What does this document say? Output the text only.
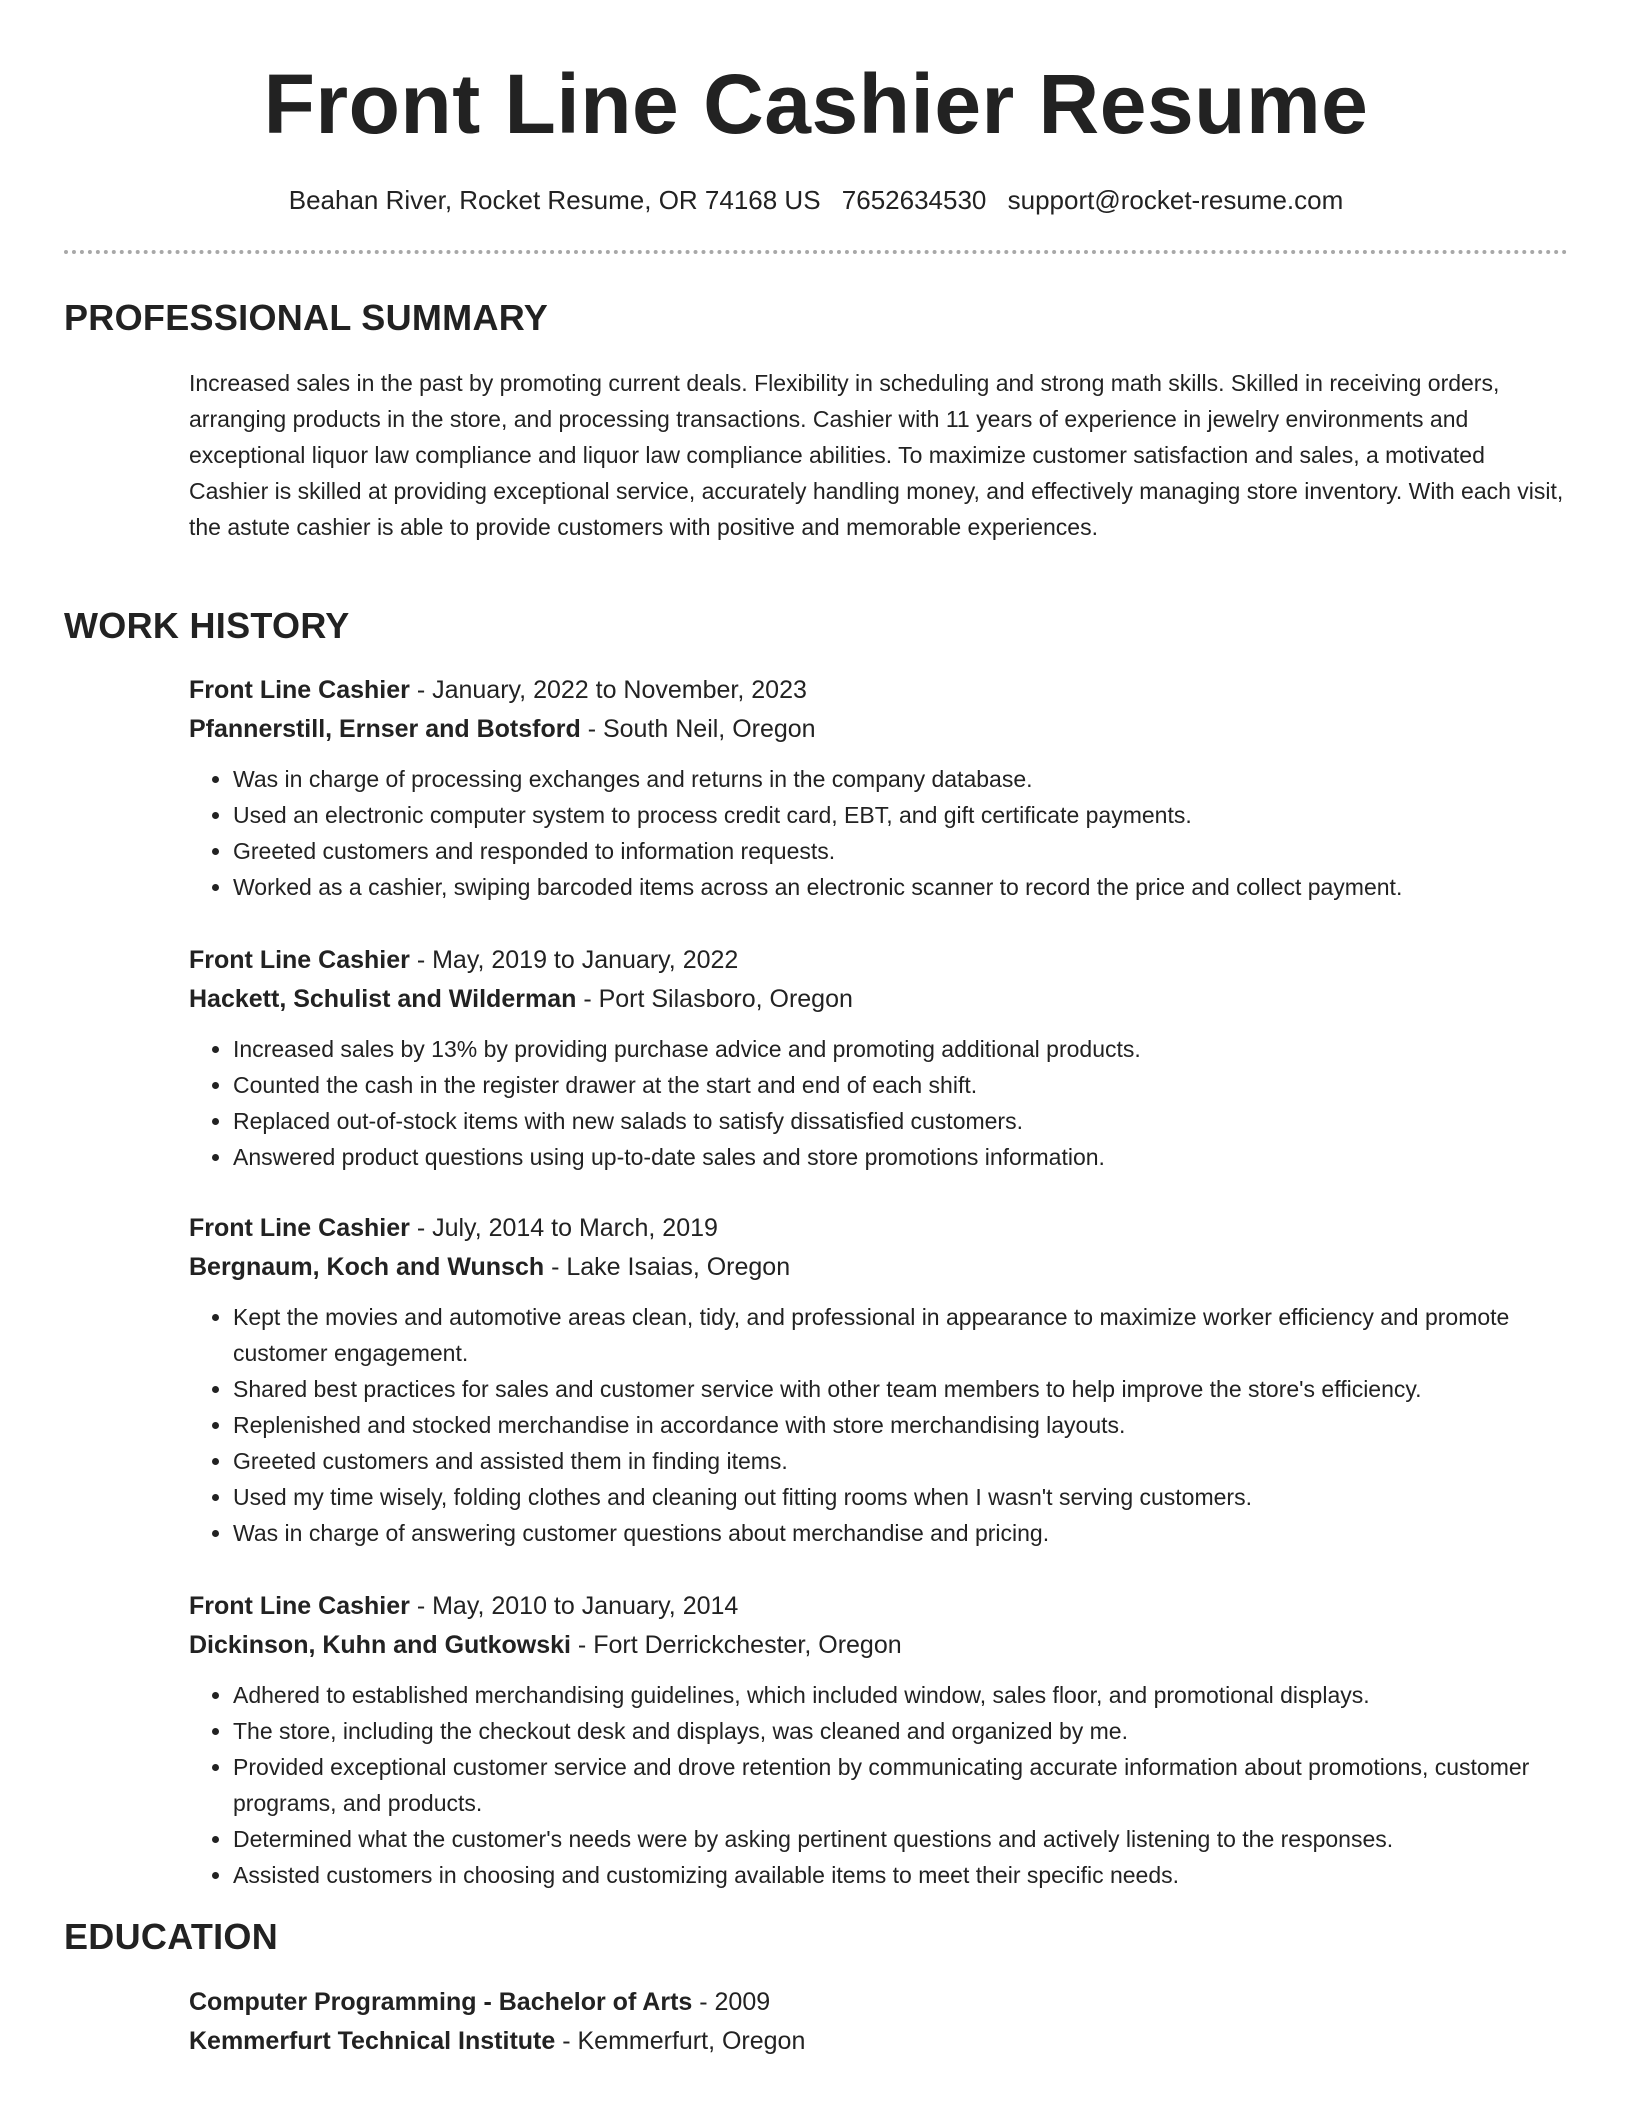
Front Line Cashier Resume
Beahan River, Rocket Resume, OR 74168 US 7652634530 support@rocket-resume.com
PROFESSIONAL SUMMARY
Increased sales in the past by promoting current deals. Flexibility in scheduling and strong math skills. Skilled in receiving orders, arranging products in the store, and processing transactions. Cashier with 11 years of experience in jewelry environments and exceptional liquor law compliance and liquor law compliance abilities. To maximize customer satisfaction and sales, a motivated Cashier is skilled at providing exceptional service, accurately handling money, and effectively managing store inventory. With each visit, the astute cashier is able to provide customers with positive and memorable experiences.
WORK HISTORY
Front Line Cashier - January, 2022 to November, 2023
Pfannerstill, Ernser and Botsford - South Neil, Oregon
• Was in charge of processing exchanges and returns in the company database.
• Used an electronic computer system to process credit card, EBT, and gift certificate payments.
• Greeted customers and responded to information requests.
• Worked as a cashier, swiping barcoded items across an electronic scanner to record the price and collect payment.
Front Line Cashier - May, 2019 to January, 2022
Hackett, Schulist and Wilderman - Port Silasboro, Oregon
• Increased sales by 13% by providing purchase advice and promoting additional products.
• Counted the cash in the register drawer at the start and end of each shift.
• Replaced out-of-stock items with new salads to satisfy dissatisfied customers.
• Answered product questions using up-to-date sales and store promotions information.
Front Line Cashier - July, 2014 to March, 2019
Bergnaum, Koch and Wunsch - Lake Isaias, Oregon
• Kept the movies and automotive areas clean, tidy, and professional in appearance to maximize worker efficiency and promote customer engagement.
• Shared best practices for sales and customer service with other team members to help improve the store's efficiency.
• Replenished and stocked merchandise in accordance with store merchandising layouts.
• Greeted customers and assisted them in finding items.
• Used my time wisely, folding clothes and cleaning out fitting rooms when I wasn't serving customers.
• Was in charge of answering customer questions about merchandise and pricing.
Front Line Cashier - May, 2010 to January, 2014
Dickinson, Kuhn and Gutkowski - Fort Derrickchester, Oregon
• Adhered to established merchandising guidelines, which included window, sales floor, and promotional displays.
• The store, including the checkout desk and displays, was cleaned and organized by me.
• Provided exceptional customer service and drove retention by communicating accurate information about promotions, customer programs, and products.
• Determined what the customer's needs were by asking pertinent questions and actively listening to the responses.
• Assisted customers in choosing and customizing available items to meet their specific needs.
EDUCATION
Computer Programming - Bachelor of Arts - 2009
Kemmerfurt Technical Institute - Kemmerfurt, Oregon
